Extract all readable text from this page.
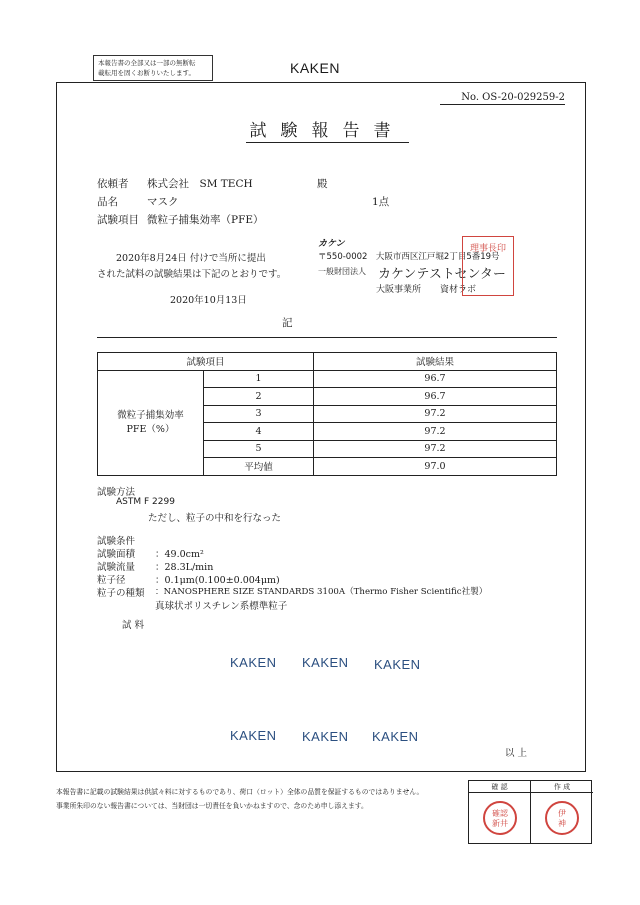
本報告書の全部又は一部の無断転
載転用を固くお断りいたします。	KAKEN
No. OS-20-029259-2
試験報告書
依頼者	株式会社　SM TECH	殿
品名	マスク	1点
試験項目 微粒子捕集効率（PFE）
2020年8月24日 付けで当所に提出
された試料の試験結果は下記のとおりです。
2020年10月13日
記
カケン
〒550-0002　大阪市西区江戸堀2丁目5番19号
一般財団法人 カケンテストセンター
大阪事業所 資材ラボ
理事長印
試験項目		試験結果

微粒子捕集効率
PFE（%）	1	96.7
	2	96.7
	3	97.2
	4	97.2
	5	97.2
	平均値	97.0
試験方法
ASTM F 2299
ただし、粒子の中和を行なった
試験条件
試験面積 ：49.0cm²
試験流量 ：28.3L/min
粒子径	：0.1μm(0.100±0.004μm)
粒子の種類 ：NANOSPHERE SIZE STANDARDS 3100A（Thermo Fisher Scientific社製）
真球状ポリスチレン系標準粒子
試 料
KAKEN KAKEN KAKEN
KAKEN KAKEN KAKEN
以 上
本報告書に記載の試験結果は供試々料に対するものであり、荷口（ロット）全体の品質を保証するものではありません。
事業所朱印のない報告書については、当財団は一切責任を負いかねますので、念のため申し添えます。
確 認
確認
新井
作 成
伊
神
